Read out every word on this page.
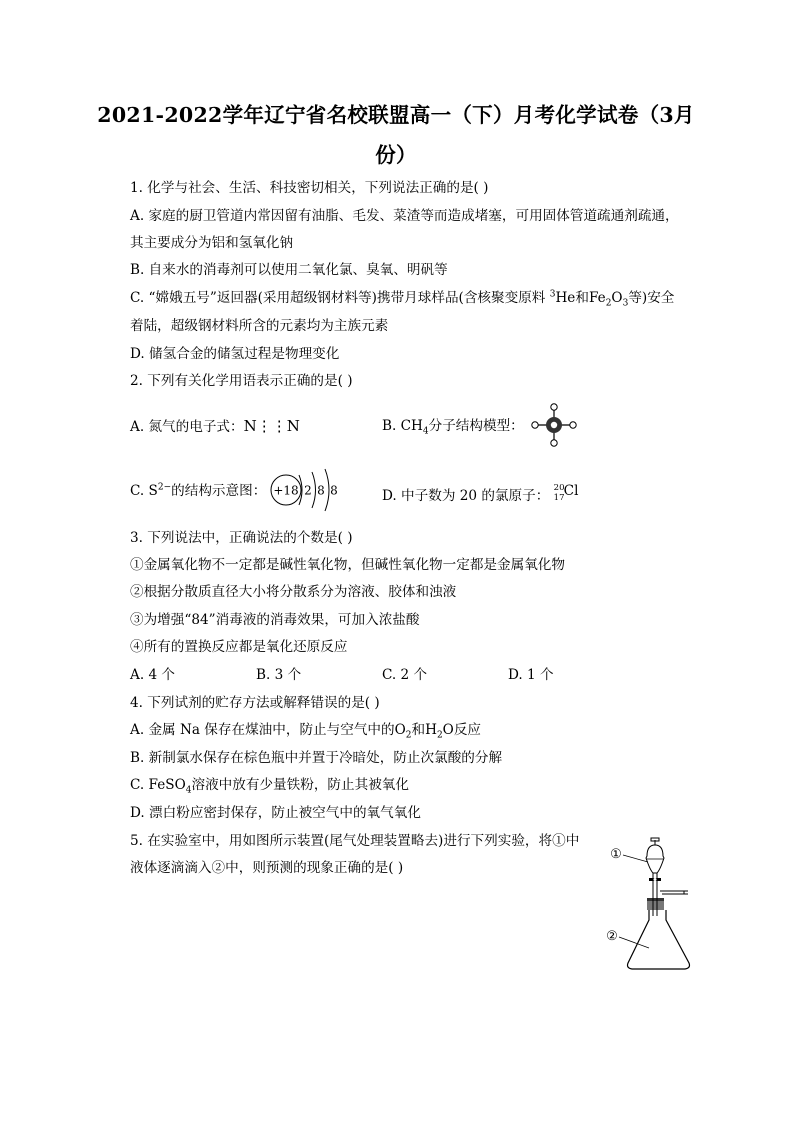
2021-2022学年辽宁省名校联盟高一（下）月考化学试卷（3月
份）
1. 化学与社会、生活、科技密切相关，下列说法正确的是( )
A. 家庭的厨卫管道内常因留有油脂、毛发、菜渣等而造成堵塞，可用固体管道疏通剂疏通，
其主要成分为铝和氢氧化钠
B. 自来水的消毒剂可以使用二氧化氯、臭氧、明矾等
C. “嫦娥五号”返回器(采用超级钢材料等)携带月球样品(含核聚变原料 $^3$He和$Fe_2O_3$等)安全
着陆，超级钢材料所含的元素均为主族元素
D. 储氢合金的储氢过程是物理变化
2. 下列有关化学用语表示正确的是( )
A. 氮气的电子式：N⋮⋮N	B. $CH_4$分子结构模型：
C. $S^{2-}$的结构示意图： +18 2 8 8	D. 中子数为 20 的氯原子： 20
17 Cl
3. 下列说法中，正确说法的个数是( )
①金属氧化物不一定都是碱性氧化物，但碱性氧化物一定都是金属氧化物
②根据分散质直径大小将分散系分为溶液、胶体和浊液
③为增强“84”消毒液的消毒效果，可加入浓盐酸
④所有的置换反应都是氧化还原反应
A. 4 个	B. 3 个	C. 2 个	D. 1 个
4. 下列试剂的贮存方法或解释错误的是( )
A. 金属 Na 保存在煤油中，防止与空气中的$O_2$和$H_2O$反应
B. 新制氯水保存在棕色瓶中并置于冷暗处，防止次氯酸的分解
C. FeSO$_4$溶液中放有少量铁粉，防止其被氧化
D. 漂白粉应密封保存，防止被空气中的氧气氧化
5. 在实验室中，用如图所示装置(尾气处理装置略去)进行下列实验，将①中
液体逐滴滴入②中，则预测的现象正确的是( )
①
②
